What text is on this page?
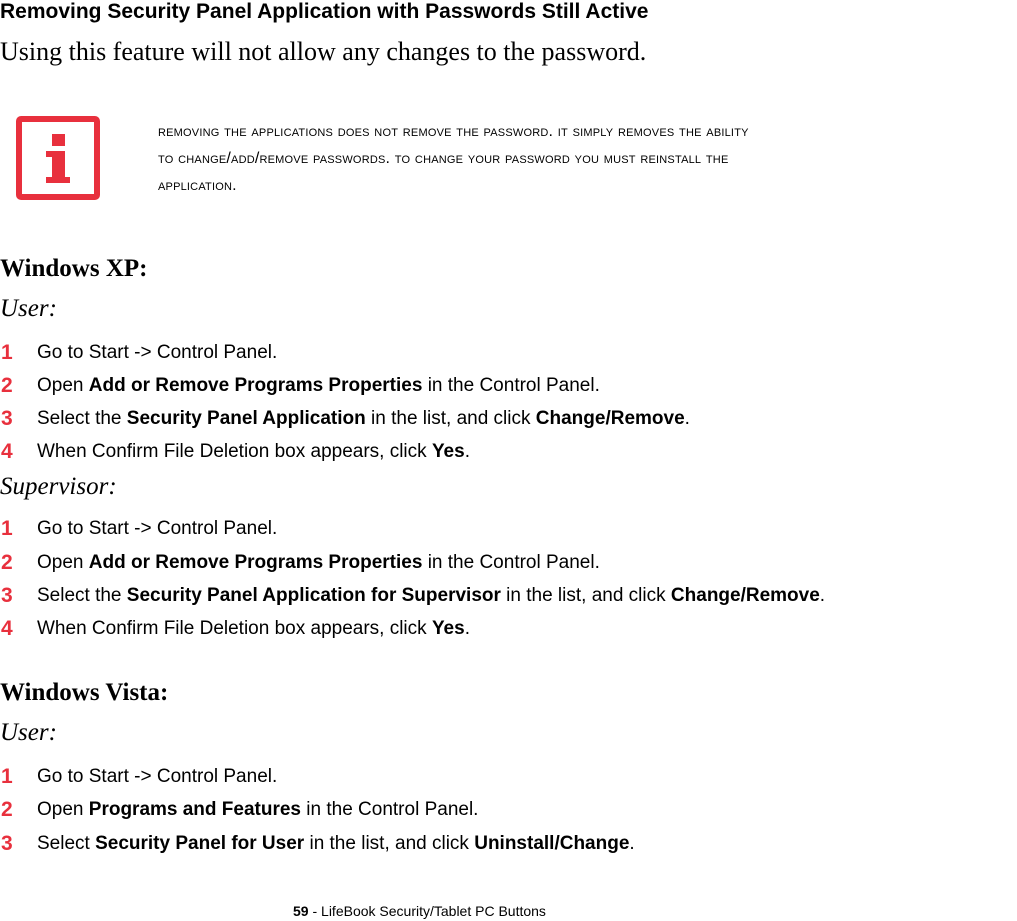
Removing Security Panel Application with Passwords Still Active
Using this feature will not allow any changes to the password.
removing the applications does not remove the password. it simply removes the ability
to change/add/remove passwords. to change your password you must reinstall the
application.
Windows XP:
User:
1 Go to Start -> Control Panel.
2 Open Add or Remove Programs Properties in the Control Panel.
3 Select the Security Panel Application in the list, and click Change/Remove.
4 When Confirm File Deletion box appears, click Yes.
Supervisor:
1 Go to Start -> Control Panel.
2 Open Add or Remove Programs Properties in the Control Panel.
3 Select the Security Panel Application for Supervisor in the list, and click Change/Remove.
4 When Confirm File Deletion box appears, click Yes.
Windows Vista:
User:
1 Go to Start -> Control Panel.
2 Open Programs and Features in the Control Panel.
3 Select Security Panel for User in the list, and click Uninstall/Change.
59 - LifeBook Security/Tablet PC Buttons
